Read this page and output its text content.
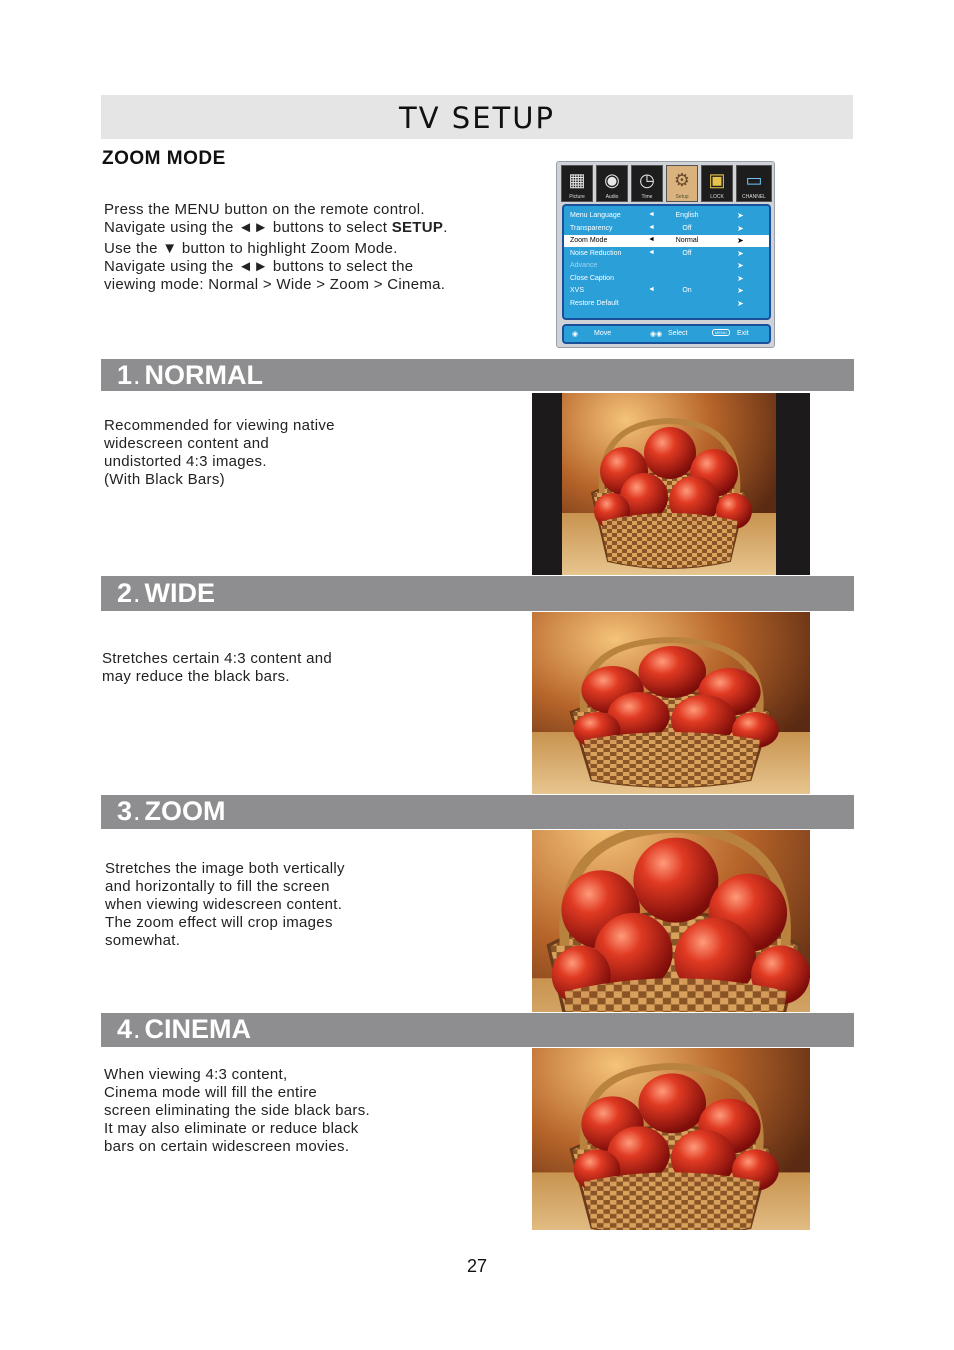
TV SETUP
ZOOM MODE
Press the MENU button on the remote control.
Navigate using the ◄► buttons to select SETUP.
Use the ▼ button to highlight Zoom Mode.
Navigate using the ◄► buttons to select the
viewing mode: Normal > Wide > Zoom > Cinema.
▦
Picture
◉
Audio
◷
Time
⚙
Setup
▣
LOCK
▭
CHANNEL
Menu Language	◄	English	➤
Transparency	◄	Off	➤
Zoom Mode	◄	Normal	➤
Noise Reduction	◄	Off	➤
Advance	➤
Close Caption	➤
XVS	◄	On	➤
Restore Default	➤
◉ Move	◉◉ Select	MENU	Exit
1. NORMAL
Recommended for viewing native
widescreen content and
undistorted 4:3 images.
(With Black Bars)
2. WIDE
Stretches certain 4:3 content and
may reduce the black bars.
3. ZOOM
Stretches the image both vertically
and horizontally to fill the screen
when viewing widescreen content.
The zoom effect will crop images
somewhat.
4. CINEMA
When viewing 4:3 content,
Cinema mode will fill the entire
screen eliminating the side black bars.
It may also eliminate or reduce black
bars on certain widescreen movies.
27
